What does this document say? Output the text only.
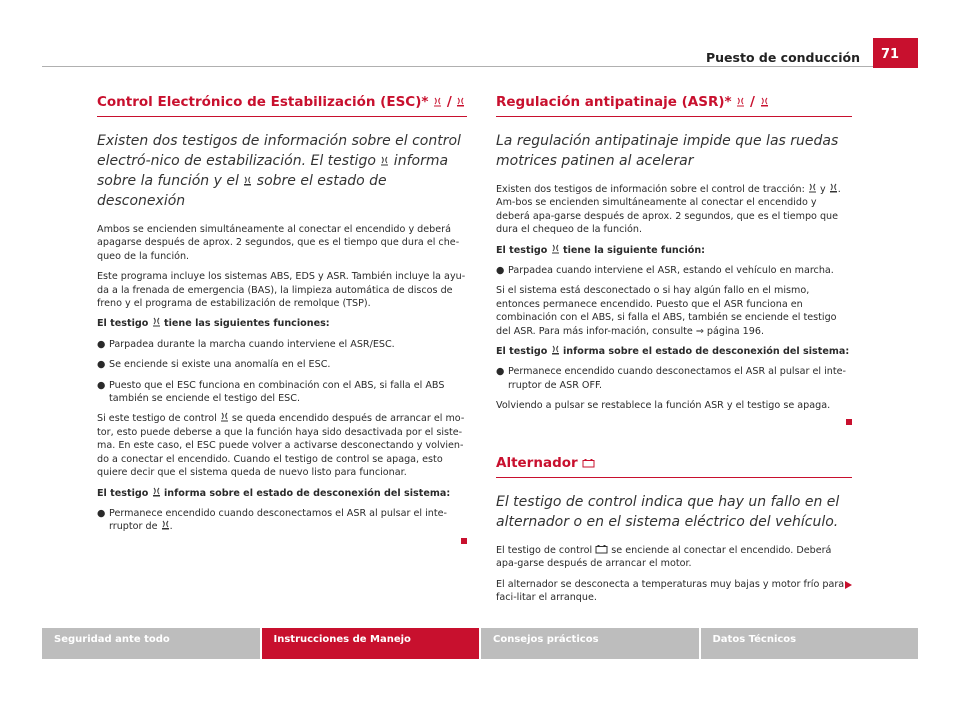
Puesto de conducción	71
Control Electrónico de Estabilización (ESC)*  /
Existen dos testigos de información sobre el control electró-nico de estabilización. El testigo  informa sobre la función y el  sobre el estado de desconexión

Ambos se encienden simultáneamente al conectar el encendido y deberá apagarse después de aprox. 2 segundos, que es el tiempo que dura el che-queo de la función.

Este programa incluye los sistemas ABS, EDS y ASR. También incluye la ayu-da a la frenada de emergencia (BAS), la limpieza automática de discos de freno y el programa de estabilización de remolque (TSP).

El testigo  tiene las siguientes funciones:

● Parpadea durante la marcha cuando interviene el ASR/ESC.
● Se enciende si existe una anomalía en el ESC.
● Puesto que el ESC funciona en combinación con el ABS, si falla el ABS también se enciende el testigo del ESC.

Si este testigo de control  se queda encendido después de arrancar el mo-tor, esto puede deberse a que la función haya sido desactivada por el siste-ma. En este caso, el ESC puede volver a activarse desconectando y volvien-do a conectar el encendido. Cuando el testigo de control se apaga, esto quiere decir que el sistema queda de nuevo listo para funcionar.

El testigo  informa sobre el estado de desconexión del sistema:

● Permanece encendido cuando desconectamos el ASR al pulsar el inte-rruptor de .
Regulación antipatinaje (ASR)*  /
La regulación antipatinaje impide que las ruedas motrices patinen al acelerar

Existen dos testigos de información sobre el control de tracción:  y . Am-bos se encienden simultáneamente al conectar el encendido y deberá apa-garse después de aprox. 2 segundos, que es el tiempo que dura el chequeo de la función.

El testigo  tiene la siguiente función:

● Parpadea cuando interviene el ASR, estando el vehículo en marcha.

Si el sistema está desconectado o si hay algún fallo en el mismo, entonces permanece encendido. Puesto que el ASR funciona en combinación con el ABS, si falla el ABS, también se enciende el testigo del ASR. Para más infor-mación, consulte ⇒ página 196.

El testigo  informa sobre el estado de desconexión del sistema:

● Permanece encendido cuando desconectamos el ASR al pulsar el inte-rruptor de ASR OFF.

Volviendo a pulsar se restablece la función ASR y el testigo se apaga.

Alternador
El testigo de control indica que hay un fallo en el alternador o en el sistema eléctrico del vehículo.

El testigo de control  se enciende al conectar el encendido. Deberá apa-garse después de arrancar el motor.

El alternador se desconecta a temperaturas muy bajas y motor frío para faci-litar el arranque.

Seguridad ante todo	Instrucciones de Manejo	Consejos prácticos	Datos Técnicos
